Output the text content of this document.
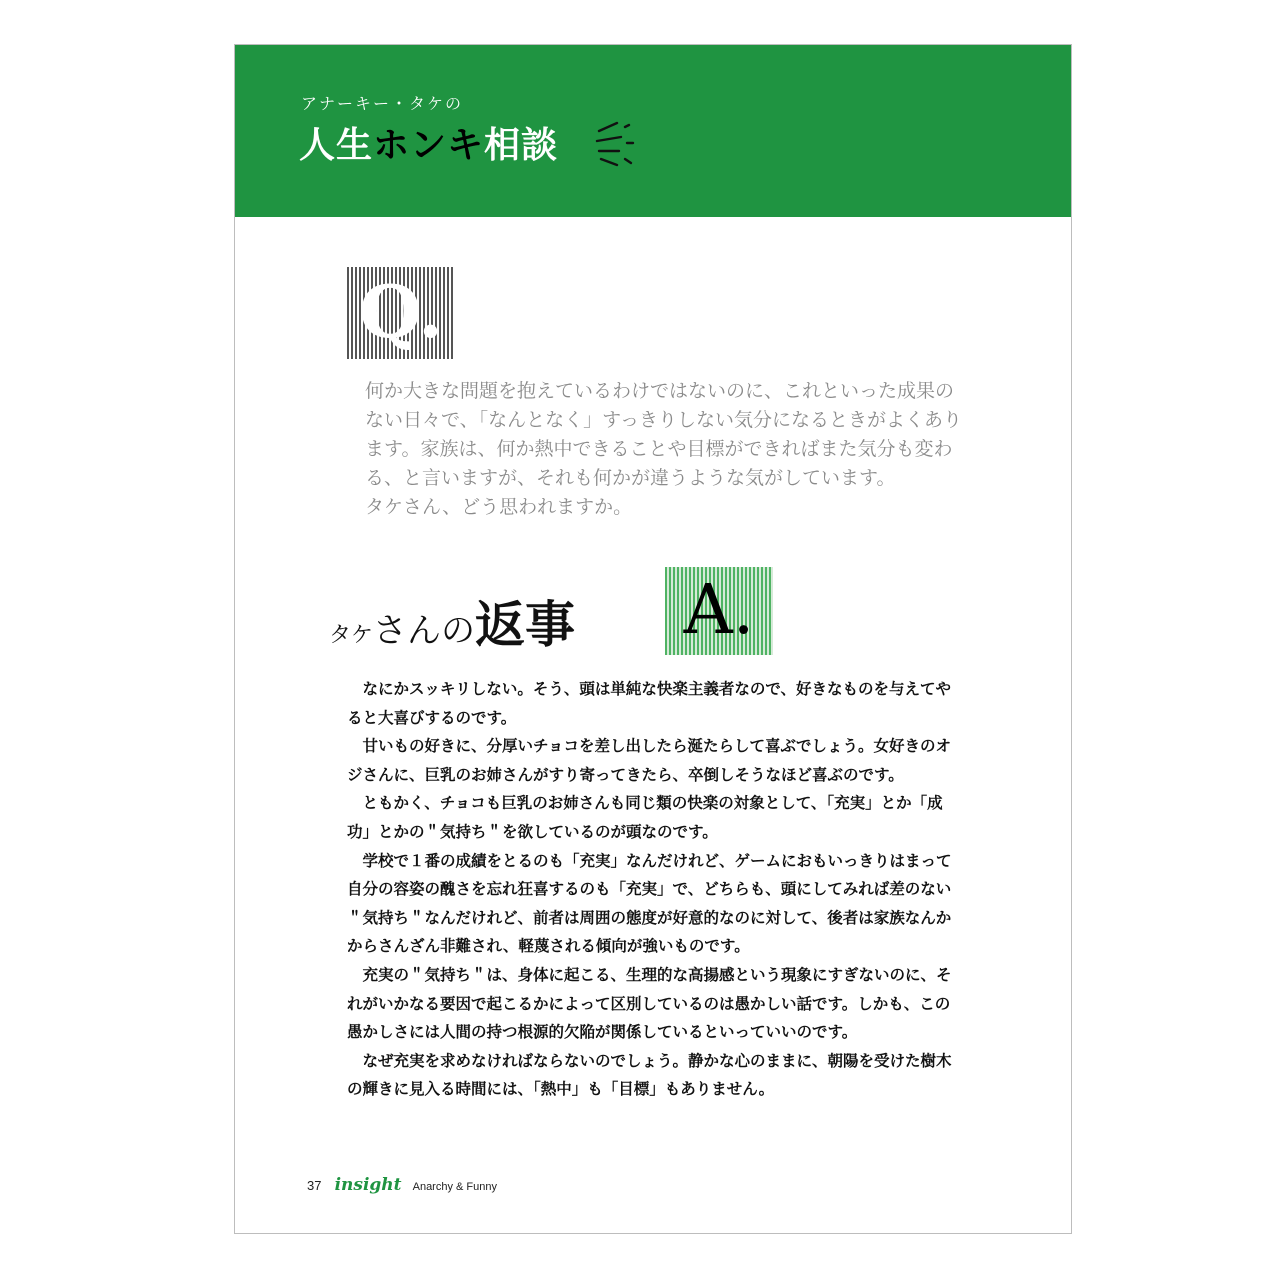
アナーキー・タケの
人生ホンキ相談
Q.

何か大きな問題を抱えているわけではないのに、これといった成果のない日々で、「なんとなく」すっきりしない気分になるときがよくあります。家族は、何か熱中できることや目標ができればまた気分も変わる、と言いますが、それも何かが違うような気がしています。

タケさん、どう思われますか。

タケさんの返事 A.

なにかスッキリしない。そう、頭は単純な快楽主義者なので、好きなものを与えてやると大喜びするのです。

甘いもの好きに、分厚いチョコを差し出したら涎たらして喜ぶでしょう。女好きのオジさんに、巨乳のお姉さんがすり寄ってきたら、卒倒しそうなほど喜ぶのです。

ともかく、チョコも巨乳のお姉さんも同じ類の快楽の対象として、「充実」とか「成功」とかの＂気持ち＂を欲しているのが頭なのです。

学校で１番の成績をとるのも「充実」なんだけれど、ゲームにおもいっきりはまって自分の容姿の醜さを忘れ狂喜するのも「充実」で、どちらも、頭にしてみれば差のない＂気持ち＂なんだけれど、前者は周囲の態度が好意的なのに対して、後者は家族なんかからさんざん非難され、軽蔑される傾向が強いものです。

充実の＂気持ち＂は、身体に起こる、生理的な高揚感という現象にすぎないのに、それがいかなる要因で起こるかによって区別しているのは愚かしい話です。しかも、この愚かしさには人間の持つ根源的欠陥が関係しているといっていいのです。

なぜ充実を求めなければならないのでしょう。静かな心のままに、朝陽を受けた樹木の輝きに見入る時間には、「熱中」も「目標」もありません。

37 insight Anarchy & Funny
